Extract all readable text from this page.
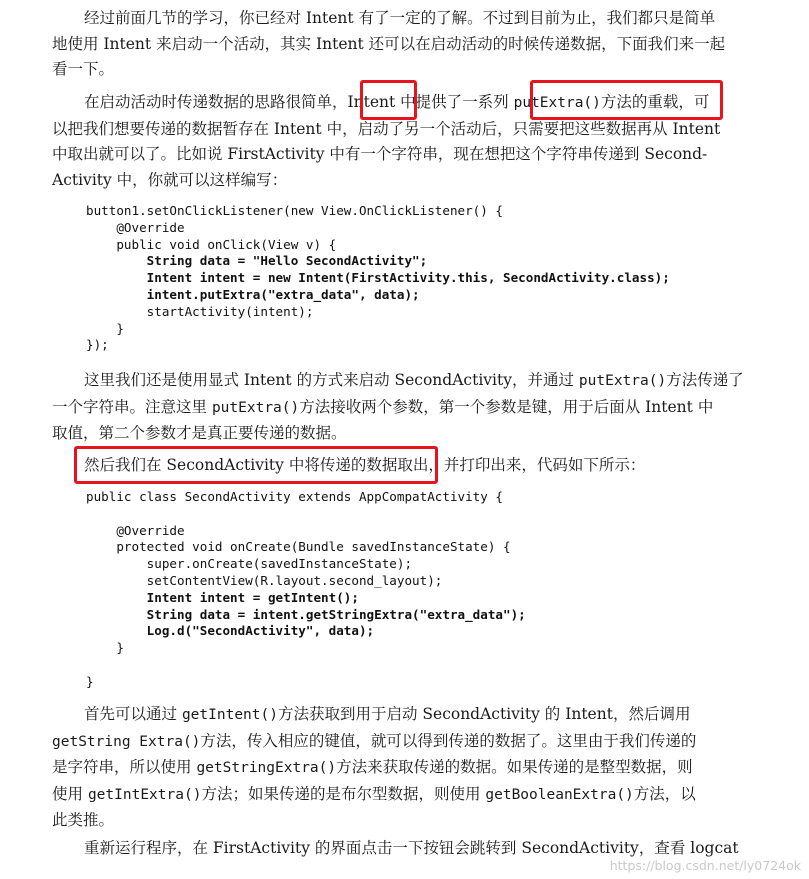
经过前面几节的学习，你已经对 Intent 有了一定的了解。不过到目前为止，我们都只是简单
地使用 Intent 来启动一个活动，其实 Intent 还可以在启动活动的时候传递数据，下面我们来一起
看一下。
在启动活动时传递数据的思路很简单，Intent 中提供了一系列 putExtra()方法的重载，可
以把我们想要传递的数据暂存在 Intent 中，启动了另一个活动后，只需要把这些数据再从 Intent
中取出就可以了。比如说 FirstActivity 中有一个字符串，现在想把这个字符串传递到 Second-
Activity 中，你就可以这样编写：
button1.setOnClickListener(new View.OnClickListener() {
@Override
public void onClick(View v) {
String data = "Hello SecondActivity";
Intent intent = new Intent(FirstActivity.this, SecondActivity.class);
intent.putExtra("extra_data", data);
startActivity(intent);
}
});
这里我们还是使用显式 Intent 的方式来启动 SecondActivity，并通过 putExtra()方法传递了
一个字符串。注意这里 putExtra()方法接收两个参数，第一个参数是键，用于后面从 Intent 中
取值，第二个参数才是真正要传递的数据。
然后我们在 SecondActivity 中将传递的数据取出，并打印出来，代码如下所示：
public class SecondActivity extends AppCompatActivity {

@Override
protected void onCreate(Bundle savedInstanceState) {
super.onCreate(savedInstanceState);
setContentView(R.layout.second_layout);
Intent intent = getIntent();
String data = intent.getStringExtra("extra_data");
Log.d("SecondActivity", data);
}

}
首先可以通过 getIntent()方法获取到用于启动 SecondActivity 的 Intent，然后调用
getString Extra()方法，传入相应的键值，就可以得到传递的数据了。这里由于我们传递的
是字符串，所以使用 getStringExtra()方法来获取传递的数据。如果传递的是整型数据，则
使用 getIntExtra()方法；如果传递的是布尔型数据，则使用 getBooleanExtra()方法，以
此类推。
重新运行程序，在 FirstActivity 的界面点击一下按钮会跳转到 SecondActivity，查看 logcat
https://blog.csdn.net/ly0724ok
